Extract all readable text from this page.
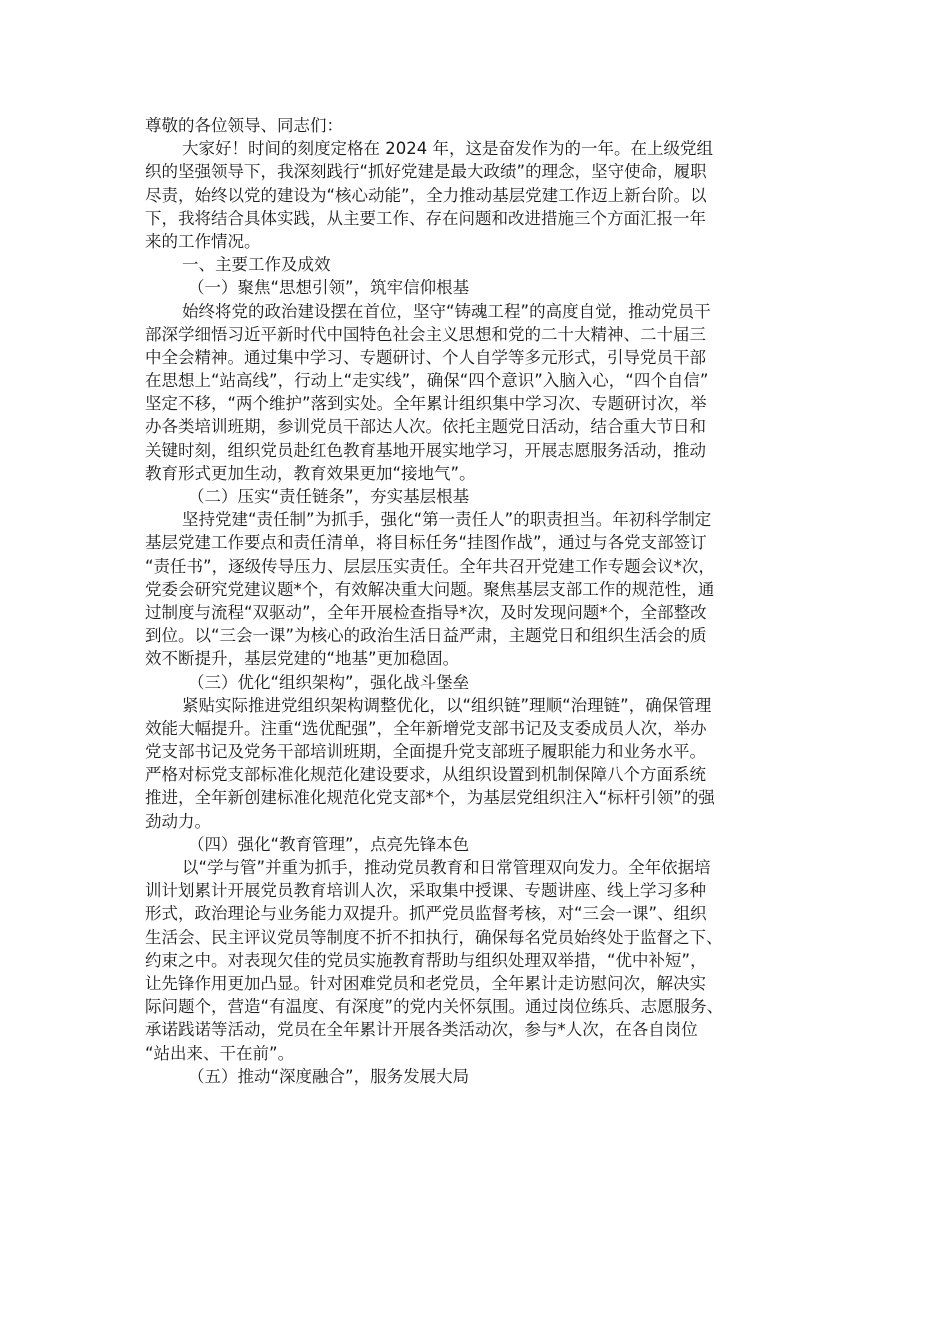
尊敬的各位领导、同志们：
大家好！时间的刻度定格在 2024 年，这是奋发作为的一年。在上级党组
织的坚强领导下，我深刻践行“抓好党建是最大政绩”的理念，坚守使命，履职
尽责，始终以党的建设为“核心动能”，全力推动基层党建工作迈上新台阶。以
下，我将结合具体实践，从主要工作、存在问题和改进措施三个方面汇报一年
来的工作情况。
一、主要工作及成效
（一）聚焦“思想引领”，筑牢信仰根基
始终将党的政治建设摆在首位，坚守“铸魂工程”的高度自觉，推动党员干
部深学细悟习近平新时代中国特色社会主义思想和党的二十大精神、二十届三
中全会精神。通过集中学习、专题研讨、个人自学等多元形式，引导党员干部
在思想上“站高线”，行动上“走实线”，确保“四个意识”入脑入心，“四个自信”
坚定不移，“两个维护”落到实处。全年累计组织集中学习次、专题研讨次，举
办各类培训班期，参训党员干部达人次。依托主题党日活动，结合重大节日和
关键时刻，组织党员赴红色教育基地开展实地学习，开展志愿服务活动，推动
教育形式更加生动，教育效果更加“接地气”。
（二）压实“责任链条”，夯实基层根基
坚持党建“责任制”为抓手，强化“第一责任人”的职责担当。年初科学制定
基层党建工作要点和责任清单，将目标任务“挂图作战”，通过与各党支部签订
“责任书”，逐级传导压力、层层压实责任。全年共召开党建工作专题会议*次，
党委会研究党建议题*个，有效解决重大问题。聚焦基层支部工作的规范性，通
过制度与流程“双驱动”，全年开展检查指导*次，及时发现问题*个，全部整改
到位。以“三会一课”为核心的政治生活日益严肃，主题党日和组织生活会的质
效不断提升，基层党建的“地基”更加稳固。
（三）优化“组织架构”，强化战斗堡垒
紧贴实际推进党组织架构调整优化，以“组织链”理顺“治理链”，确保管理
效能大幅提升。注重“选优配强”，全年新增党支部书记及支委成员人次，举办
党支部书记及党务干部培训班期，全面提升党支部班子履职能力和业务水平。
严格对标党支部标准化规范化建设要求，从组织设置到机制保障八个方面系统
推进，全年新创建标准化规范化党支部*个，为基层党组织注入“标杆引领”的强
劲动力。
（四）强化“教育管理”，点亮先锋本色
以“学与管”并重为抓手，推动党员教育和日常管理双向发力。全年依据培
训计划累计开展党员教育培训人次，采取集中授课、专题讲座、线上学习多种
形式，政治理论与业务能力双提升。抓严党员监督考核，对“三会一课”、组织
生活会、民主评议党员等制度不折不扣执行，确保每名党员始终处于监督之下、
约束之中。对表现欠佳的党员实施教育帮助与组织处理双举措，“优中补短”，
让先锋作用更加凸显。针对困难党员和老党员，全年累计走访慰问次，解决实
际问题个，营造“有温度、有深度”的党内关怀氛围。通过岗位练兵、志愿服务、
承诺践诺等活动，党员在全年累计开展各类活动次，参与*人次，在各自岗位
“站出来、干在前”。
（五）推动“深度融合”，服务发展大局
